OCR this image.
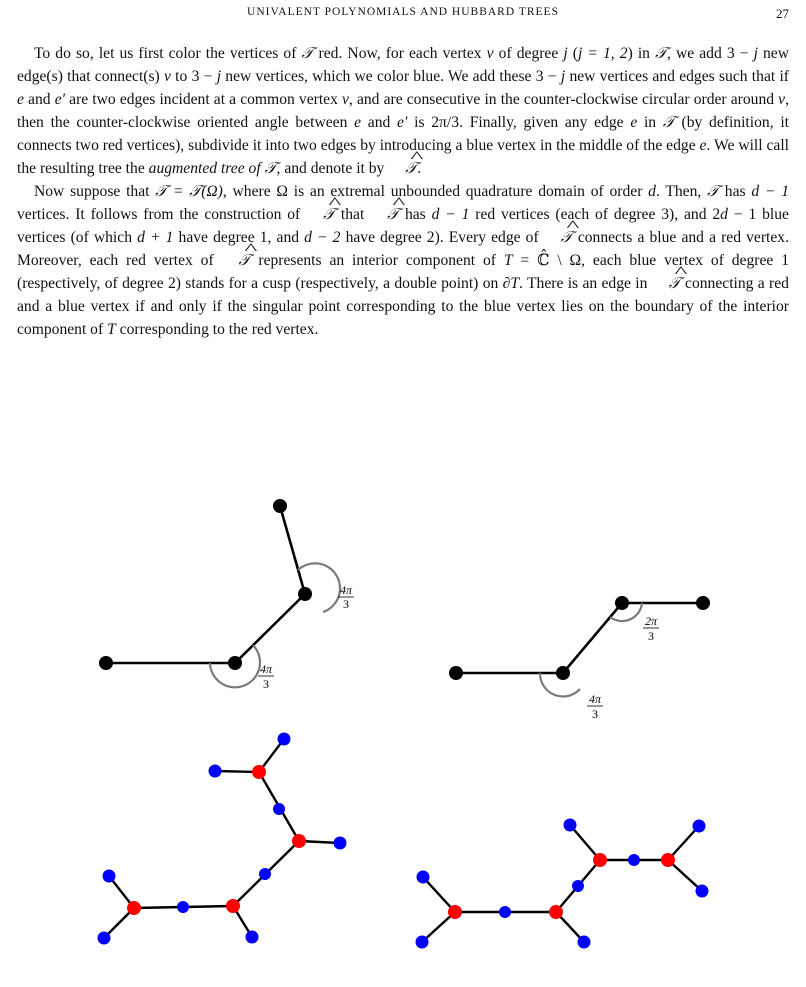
UNIVALENT POLYNOMIALS AND HUBBARD TREES	27

To do so, let us first color the vertices of 𝒯 red. Now, for each vertex v of degree j (j = 1, 2) in 𝒯, we add 3 − j new edge(s) that connect(s) v to 3 − j new vertices, which we color blue. We add these 3 − j new vertices and edges such that if e and e′ are two edges incident at a common vertex v, and are consecutive in the counter-clockwise circular order around v, then the counter-clockwise oriented angle between e and e′ is 2π/3. Finally, given any edge e in 𝒯 (by definition, it connects two red vertices), subdivide it into two edges by introducing a blue vertex in the middle of the edge e. We will call the resulting tree the augmented tree of 𝒯, and denote it by ^ 𝒯.

Now suppose that 𝒯 = 𝒯(Ω), where Ω is an extremal unbounded quadrature domain of order d. Then, 𝒯 has d − 1 vertices. It follows from the construction of ^ 𝒯 that ^ 𝒯 has d − 1 red vertices (each of degree 3), and 2d − 1 blue vertices (of which d + 1 have degree 1, and d − 2 have degree 2). Every edge of ^ 𝒯 connects a blue and a red vertex. Moreover, each red vertex of ^ 𝒯 represents an interior component of T = ℂ̂ \ Ω, each blue vertex of degree 1 (respectively, of degree 2) stands for a cusp (respectively, a double point) on ∂T. There is an edge in ^ 𝒯 connecting a red and a blue vertex if and only if the singular point corresponding to the blue vertex lies on the boundary of the interior component of T corresponding to the red vertex.

4π
3
4π
3
2π
3
4π
3
